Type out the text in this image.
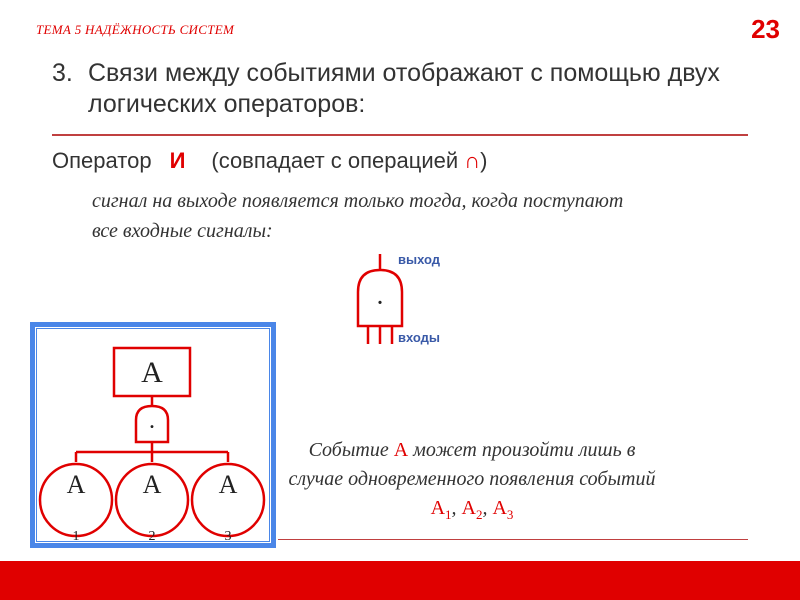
ТЕМА 5 НАДЁЖНОСТЬ СИСТЕМ	23
3. Связи между событиями отображают с помощью двух логических операторов:
Оператор И (совпадает с операцией ∩)
сигнал на выходе появляется только тогда, когда поступают все входные сигналы:
.
выход
входы
А
.
А А А
1	2	3
Событие А может произойти лишь в случае одновременного появления событий $А_1$, $А_2$, $А_3$
